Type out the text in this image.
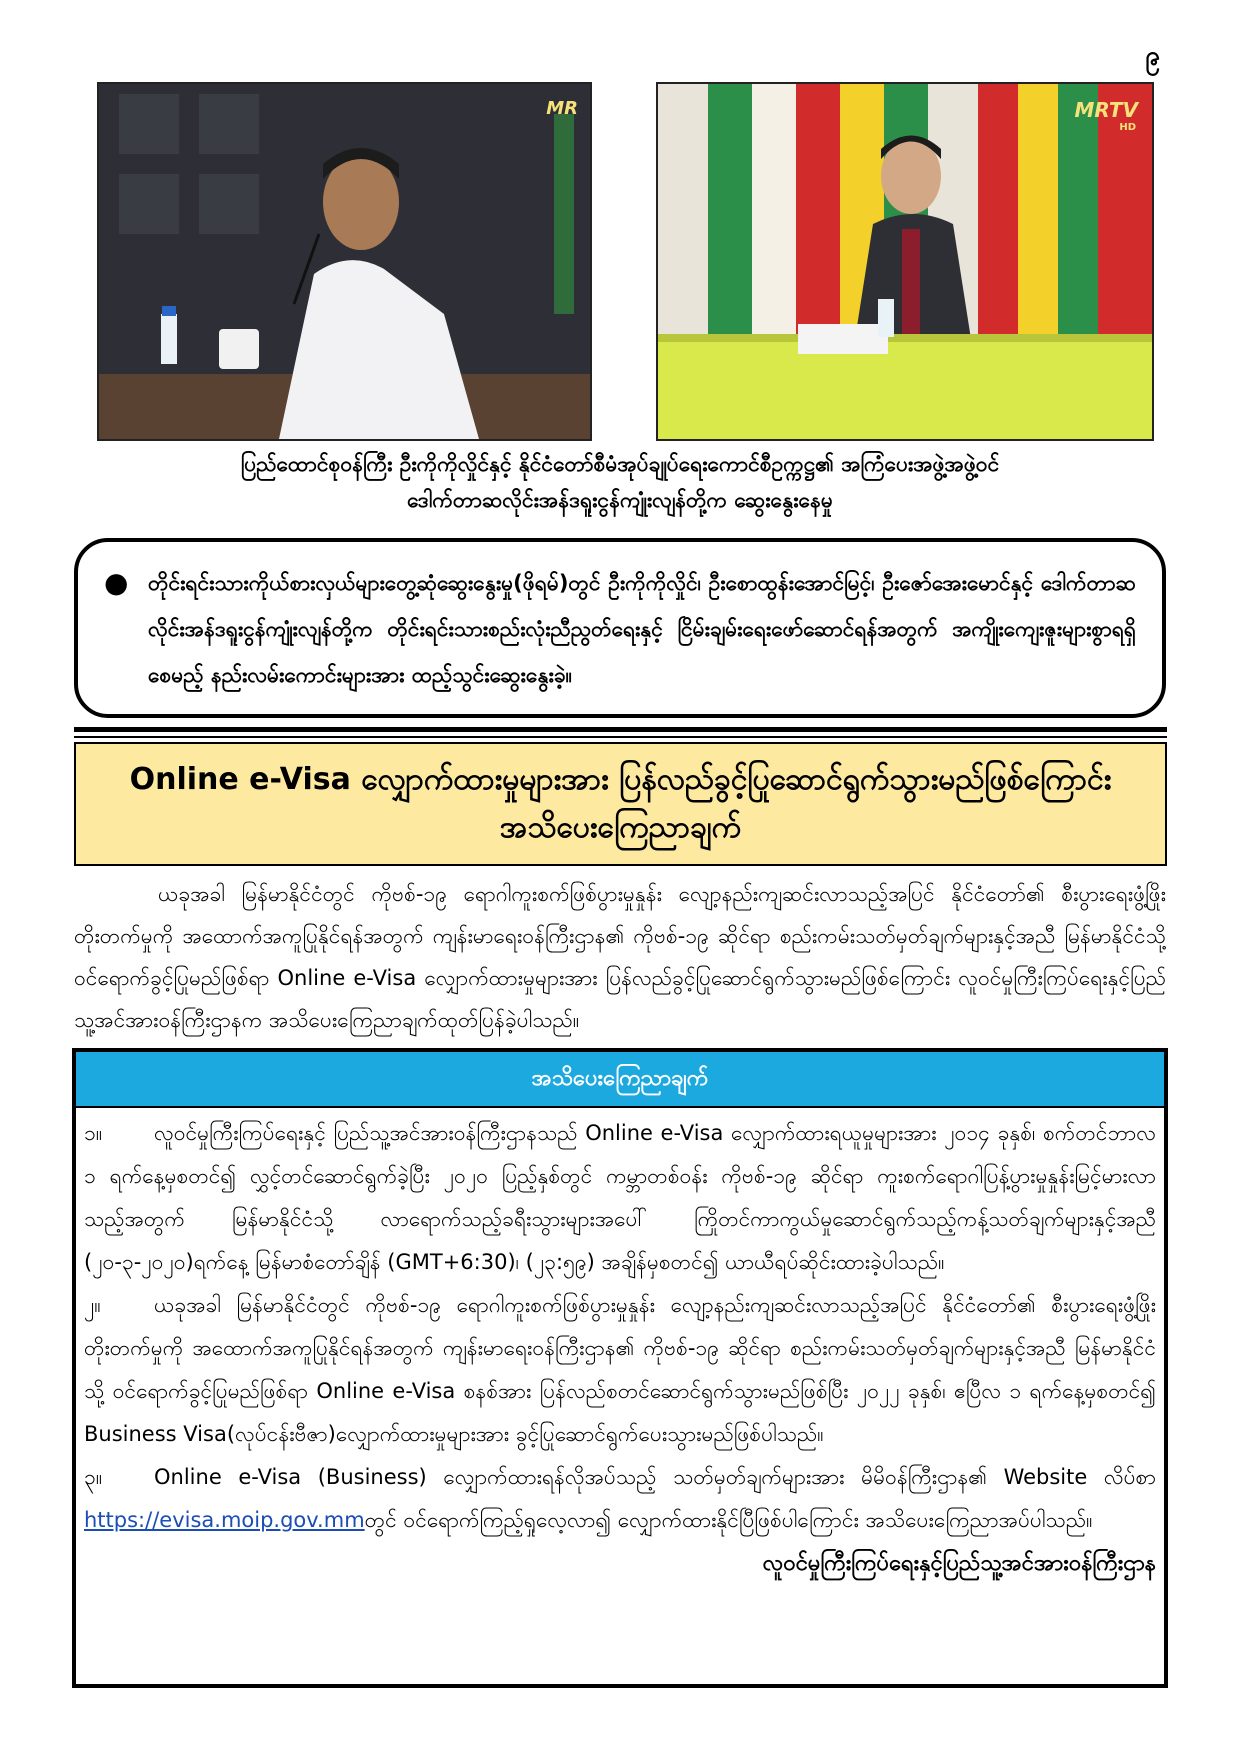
၉
MR	MRTV
HD
ပြည်ထောင်စုဝန်ကြီး ဦးကိုကိုလှိုင်နှင့် နိုင်ငံတော်စီမံအုပ်ချုပ်ရေးကောင်စီဥက္ကဋ္ဌ၏ အကြံပေးအဖွဲ့အဖွဲ့ဝင်
ဒေါက်တာဆလိုင်းအန်ဒရူးငွန်ကျုံးလျန်တို့က ဆွေးနွေးနေမှု
● တိုင်းရင်းသားကိုယ်စားလှယ်များတွေ့ဆုံဆွေးနွေးမှု(ဖိုရမ်)တွင် ဦးကိုကိုလှိုင်၊ ဦးစောထွန်းအောင်မြင့်၊ ဦးဇော်အေးမောင်နှင့် ဒေါက်တာဆလိုင်းအန်ဒရူးငွန်ကျုံးလျန်တို့က တိုင်းရင်းသားစည်းလုံးညီညွတ်ရေးနှင့် ငြိမ်းချမ်းရေးဖော်ဆောင်ရန်အတွက် အကျိုးကျေးဇူးများစွာရရှိစေမည့် နည်းလမ်းကောင်းများအား ထည့်သွင်းဆွေးနွေးခဲ့။
Online e-Visa လျှောက်ထားမှုများအား ပြန်လည်ခွင့်ပြုဆောင်ရွက်သွားမည်ဖြစ်ကြောင်း
အသိပေးကြေညာချက်
ယခုအခါ မြန်မာနိုင်ငံတွင် ကိုဗစ်-၁၉ ရောဂါကူးစက်ဖြစ်ပွားမှုနှုန်း လျော့နည်းကျဆင်းလာသည့်အပြင် နိုင်ငံတော်၏ စီးပွားရေးဖွံ့ဖြိုးတိုးတက်မှုကို အထောက်အကူပြုနိုင်ရန်အတွက် ကျန်းမာရေးဝန်ကြီးဌာန၏ ကိုဗစ်-၁၉ ဆိုင်ရာ စည်းကမ်းသတ်မှတ်ချက်များနှင့်အညီ မြန်မာနိုင်ငံသို့ ဝင်ရောက်ခွင့်ပြုမည်ဖြစ်ရာ Online e-Visa လျှောက်ထားမှုများအား ပြန်လည်ခွင့်ပြုဆောင်ရွက်သွားမည်ဖြစ်ကြောင်း လူဝင်မှုကြီးကြပ်ရေးနှင့်ပြည်သူ့အင်အားဝန်ကြီးဌာနက အသိပေးကြေညာချက်ထုတ်ပြန်ခဲ့ပါသည်။
အသိပေးကြေညာချက်

၁။ လူဝင်မှုကြီးကြပ်ရေးနှင့် ပြည်သူ့အင်အားဝန်ကြီးဌာနသည် Online e-Visa လျှောက်ထားရယူမှုများအား ၂၀၁၄ ခုနှစ်၊ စက်တင်ဘာလ ၁ ရက်နေ့မှစတင်၍ လွှင့်တင်ဆောင်ရွက်ခဲ့ပြီး ၂၀၂၀ ပြည့်နှစ်တွင် ကမ္ဘာတစ်ဝန်း ကိုဗစ်-၁၉ ဆိုင်ရာ ကူးစက်ရောဂါပြန့်ပွားမှုနှုန်းမြင့်မားလာသည့်အတွက် မြန်မာနိုင်ငံသို့ လာရောက်သည့်ခရီးသွားများအပေါ် ကြိုတင်ကာကွယ်မှုဆောင်ရွက်သည့်ကန့်သတ်ချက်များနှင့်အညီ (၂၀-၃-၂၀၂၀)ရက်နေ့ မြန်မာစံတော်ချိန် (GMT+6:30)၊ (၂၃:၅၉) အချိန်မှစတင်၍ ယာယီရပ်ဆိုင်းထားခဲ့ပါသည်။

၂။	ယခုအခါ မြန်မာနိုင်ငံတွင် ကိုဗစ်-၁၉ ရောဂါကူးစက်ဖြစ်ပွားမှုနှုန်း လျော့နည်းကျဆင်းလာသည့်အပြင် နိုင်ငံတော်၏ စီးပွားရေးဖွံ့ဖြိုးတိုးတက်မှုကို အထောက်အကူပြုနိုင်ရန်အတွက် ကျန်းမာရေးဝန်ကြီးဌာန၏ ကိုဗစ်-၁၉ ဆိုင်ရာ စည်းကမ်းသတ်မှတ်ချက်များနှင့်အညီ မြန်မာနိုင်ငံသို့ ဝင်ရောက်ခွင့်ပြုမည်ဖြစ်ရာ Online e-Visa စနစ်အား ပြန်လည်စတင်ဆောင်ရွက်သွားမည်ဖြစ်ပြီး ၂၀၂၂ ခုနှစ်၊ ဧပြီလ ၁ ရက်နေ့မှစတင်၍ Business Visa(လုပ်ငန်းဗီဇာ)လျှောက်ထားမှုများအား ခွင့်ပြုဆောင်ရွက်ပေးသွားမည်ဖြစ်ပါသည်။

၃။ Online e-Visa (Business) လျှောက်ထားရန်လိုအပ်သည့် သတ်မှတ်ချက်များအား မိမိဝန်ကြီးဌာန၏ Website လိပ်စာ https://evisa.moip.gov.mmတွင် ဝင်ရောက်ကြည့်ရှုလေ့လာ၍ လျှောက်ထားနိုင်ပြီဖြစ်ပါကြောင်း အသိပေးကြေညာအပ်ပါသည်။

လူဝင်မှုကြီးကြပ်ရေးနှင့်ပြည်သူ့အင်အားဝန်ကြီးဌာန
